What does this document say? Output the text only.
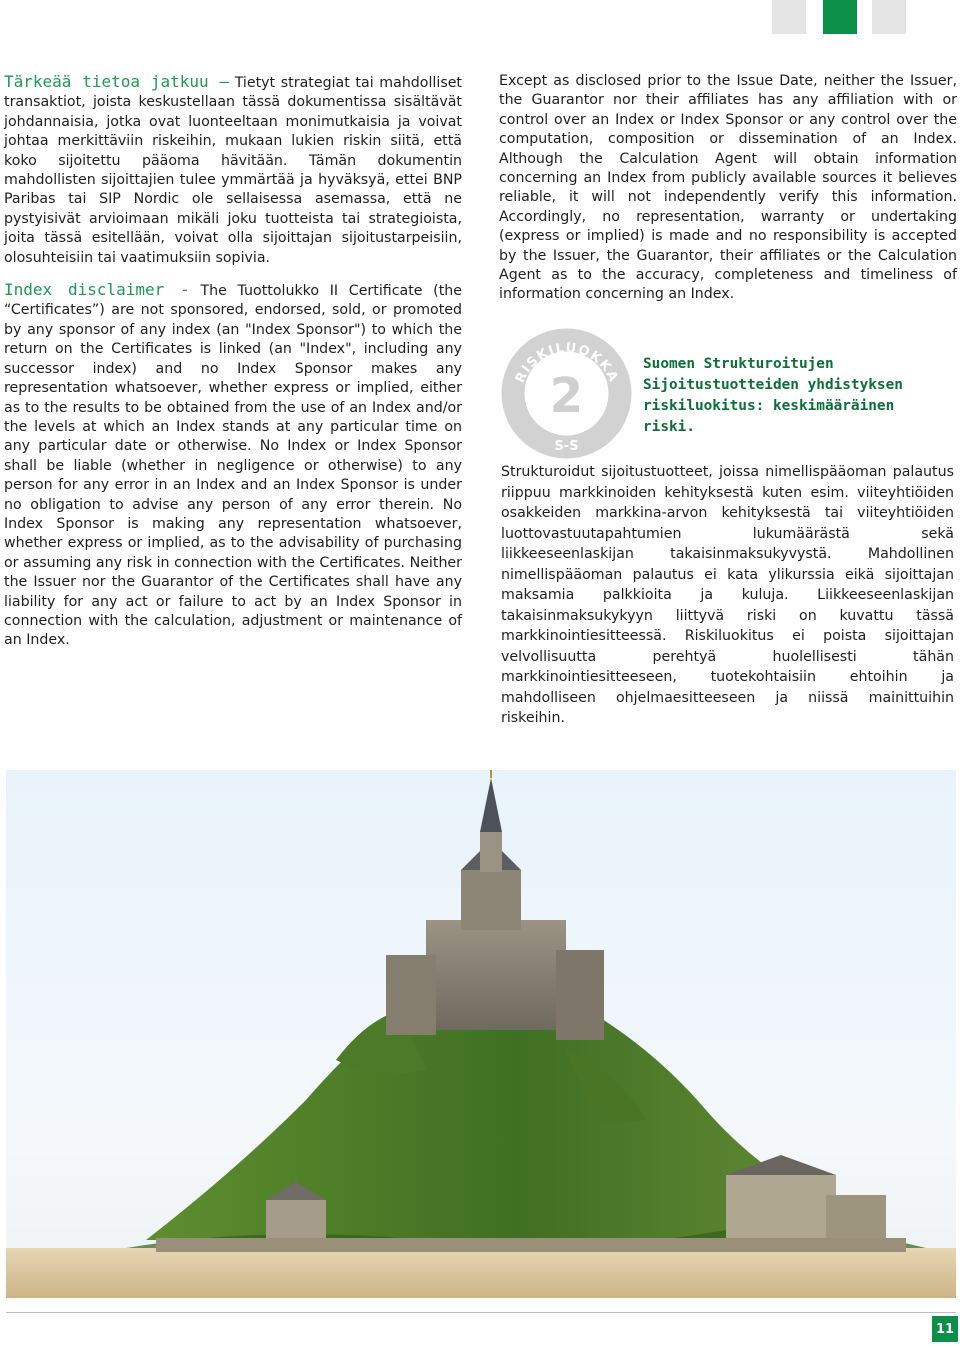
Tärkeää tietoa jatkuu – Tietyt strategiat tai mahdolliset transaktiot, joista keskustellaan tässä dokumentissa sisältävät johdannaisia, jotka ovat luonteeltaan monimutkaisia ja voivat johtaa merkittäviin riskeihin, mukaan lukien riskin siitä, että koko sijoitettu pääoma hävitään. Tämän dokumentin mahdollisten sijoittajien tulee ymmärtää ja hyväksyä, ettei BNP Paribas tai SIP Nordic ole sellaisessa asemassa, että ne pystyisivät arvioimaan mikäli joku tuotteista tai strategioista, joita tässä esitellään, voivat olla sijoittajan sijoitustarpeisiin, olosuhteisiin tai vaatimuksiin sopivia.

Index disclaimer - The Tuottolukko II Certificate (the “Certificates”) are not sponsored, endorsed, sold, or promoted by any sponsor of any index (an "Index Sponsor") to which the return on the Certificates is linked (an "Index", including any successor index) and no Index Sponsor makes any representation whatsoever, whether express or implied, either as to the results to be obtained from the use of an Index and/or the levels at which an Index stands at any particular time on any particular date or otherwise. No Index or Index Sponsor shall be liable (whether in negligence or otherwise) to any person for any error in an Index and an Index Sponsor is under no obligation to advise any person of any error therein. No Index Sponsor is making any representation whatsoever, whether express or implied, as to the advisability of purchasing or assuming any risk in connection with the Certificates. Neither the Issuer nor the Guarantor of the Certificates shall have any liability for any act or failure to act by an Index Sponsor in connection with the calculation, adjustment or maintenance of an Index.

Except as disclosed prior to the Issue Date, neither the Issuer, the Guarantor nor their affiliates has any affiliation with or control over an Index or Index Sponsor or any control over the computation, composition or dissemination of an Index. Although the Calculation Agent will obtain information concerning an Index from publicly available sources it believes reliable, it will not independently verify this information. Accordingly, no representation, warranty or undertaking (express or implied) is made and no responsibility is accepted by the Issuer, the Guarantor, their affiliates or the Calculation Agent as to the accuracy, completeness and timeliness of information concerning an Index.

RISKILUOKKA
2
S-S
Suomen Strukturoitujen
Sijoitustuotteiden yhdistyksen
riskiluokitus: keskimääräinen riski.

Strukturoidut sijoitustuotteet, joissa nimellispääoman palautus riippuu markkinoiden kehityksestä kuten esim. viiteyhtiöiden osakkeiden markkina-arvon kehityksestä tai viiteyhtiöiden luottovastuutapahtumien lukumäärästä sekä liikkeeseenlaskijan takaisinmaksukyvystä. Mahdollinen nimellispääoman palautus ei kata ylikurssia eikä sijoittajan maksamia palkkioita ja kuluja. Liikkeeseenlaskijan takaisinmaksukykyyn liittyvä riski on kuvattu tässä markkinointiesitteessä. Riskiluokitus ei poista sijoittajan velvollisuutta perehtyä huolellisesti tähän markkinointiesitteeseen, tuotekohtaisiin ehtoihin ja mahdolliseen ohjelmaesitteeseen ja niissä mainittuihin riskeihin.

11
